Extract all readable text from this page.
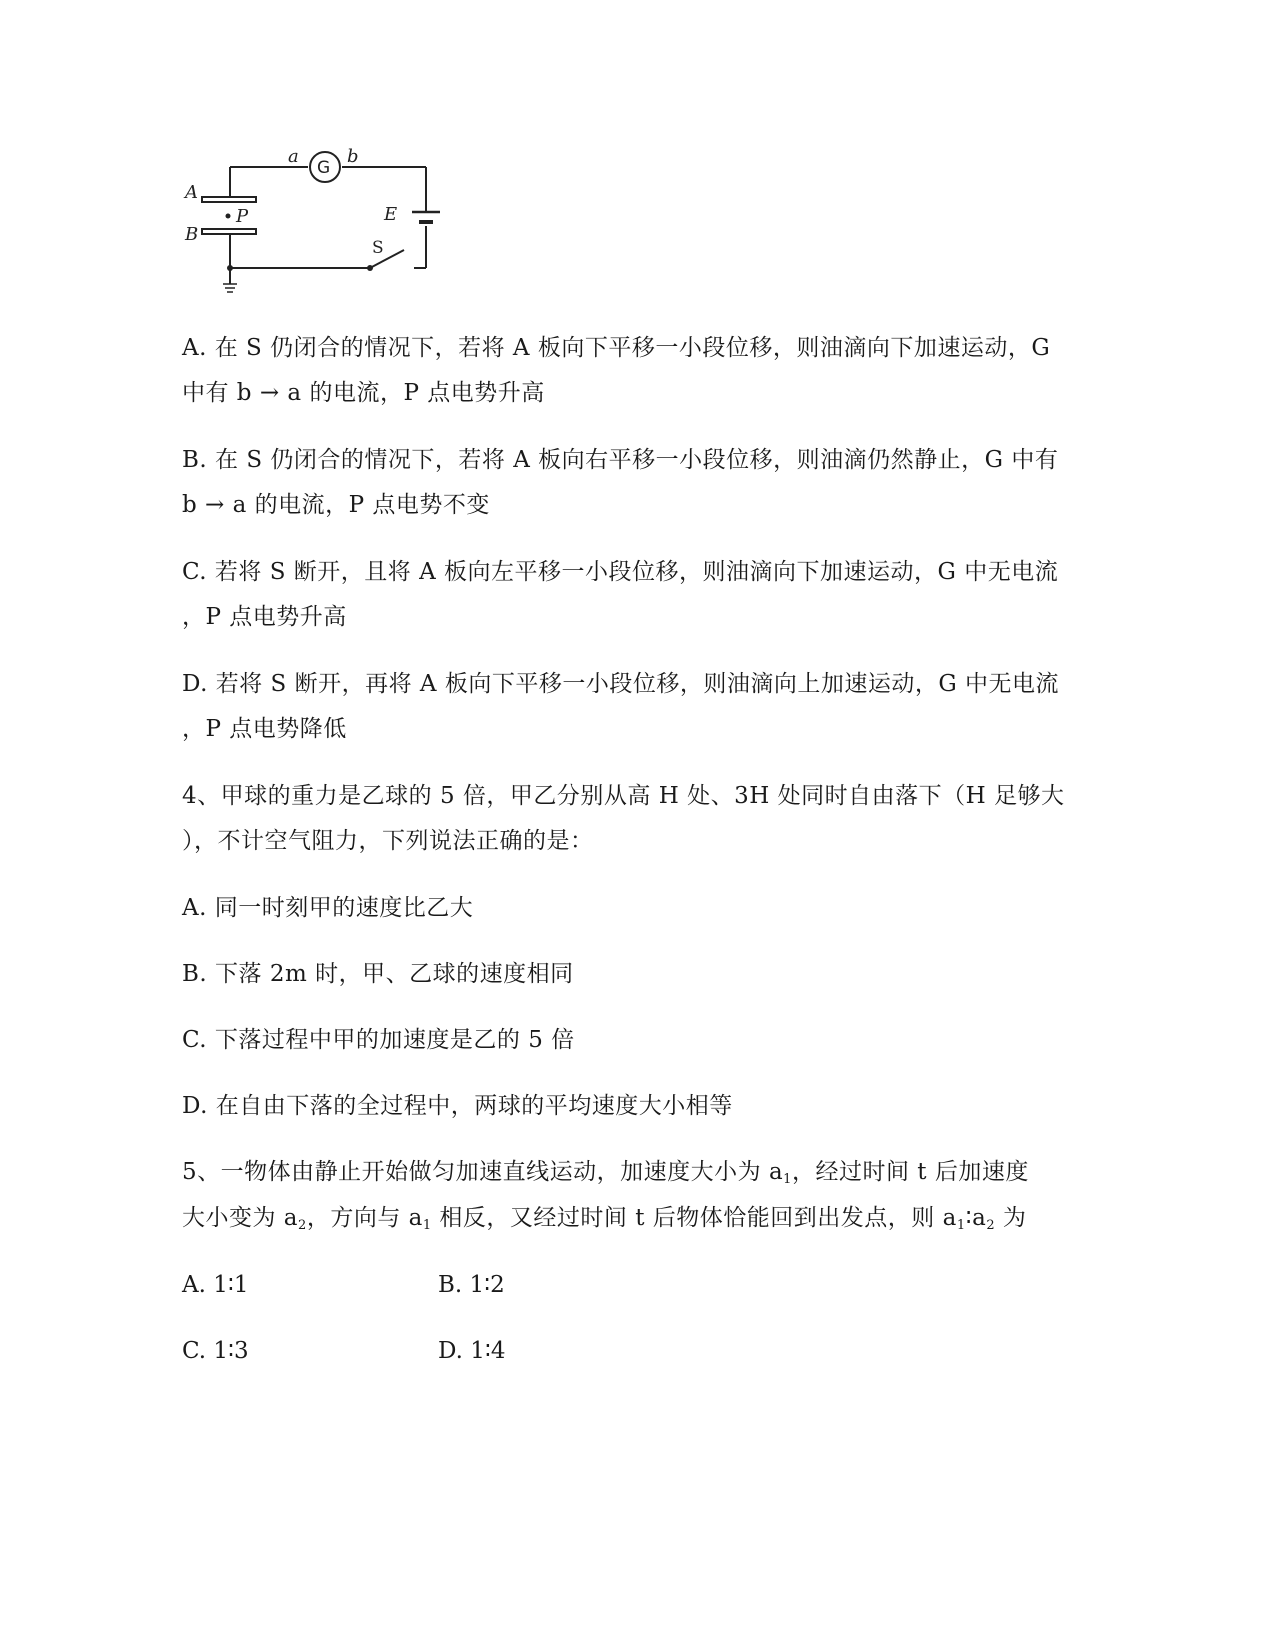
a	b
A
P
B
E
G
S
A. 在 S 仍闭合的情况下，若将 A 板向下平移一小段位移，则油滴向下加速运动，G
中有 b → a 的电流，P 点电势升高
B. 在 S 仍闭合的情况下，若将 A 板向右平移一小段位移，则油滴仍然静止，G 中有
b → a 的电流，P 点电势不变
C. 若将 S 断开，且将 A 板向左平移一小段位移，则油滴向下加速运动，G 中无电流
，P 点电势升高
D. 若将 S 断开，再将 A 板向下平移一小段位移，则油滴向上加速运动，G 中无电流
，P 点电势降低
4、甲球的重力是乙球的 5 倍，甲乙分别从高 H 处、3H 处同时自由落下（H 足够大
），不计空气阻力，下列说法正确的是：
A. 同一时刻甲的速度比乙大
B. 下落 2m 时，甲、乙球的速度相同
C. 下落过程中甲的加速度是乙的 5 倍
D. 在自由下落的全过程中，两球的平均速度大小相等
5、一物体由静止开始做匀加速直线运动，加速度大小为 $a_1$，经过时间 t 后加速度
大小变为 $a_2$，方向与 $a_1$ 相反，又经过时间 t 后物体恰能回到出发点，则 $a_1∶a_2$ 为
A. 1∶1	B. 1∶2
C. 1∶3	D. 1∶4
